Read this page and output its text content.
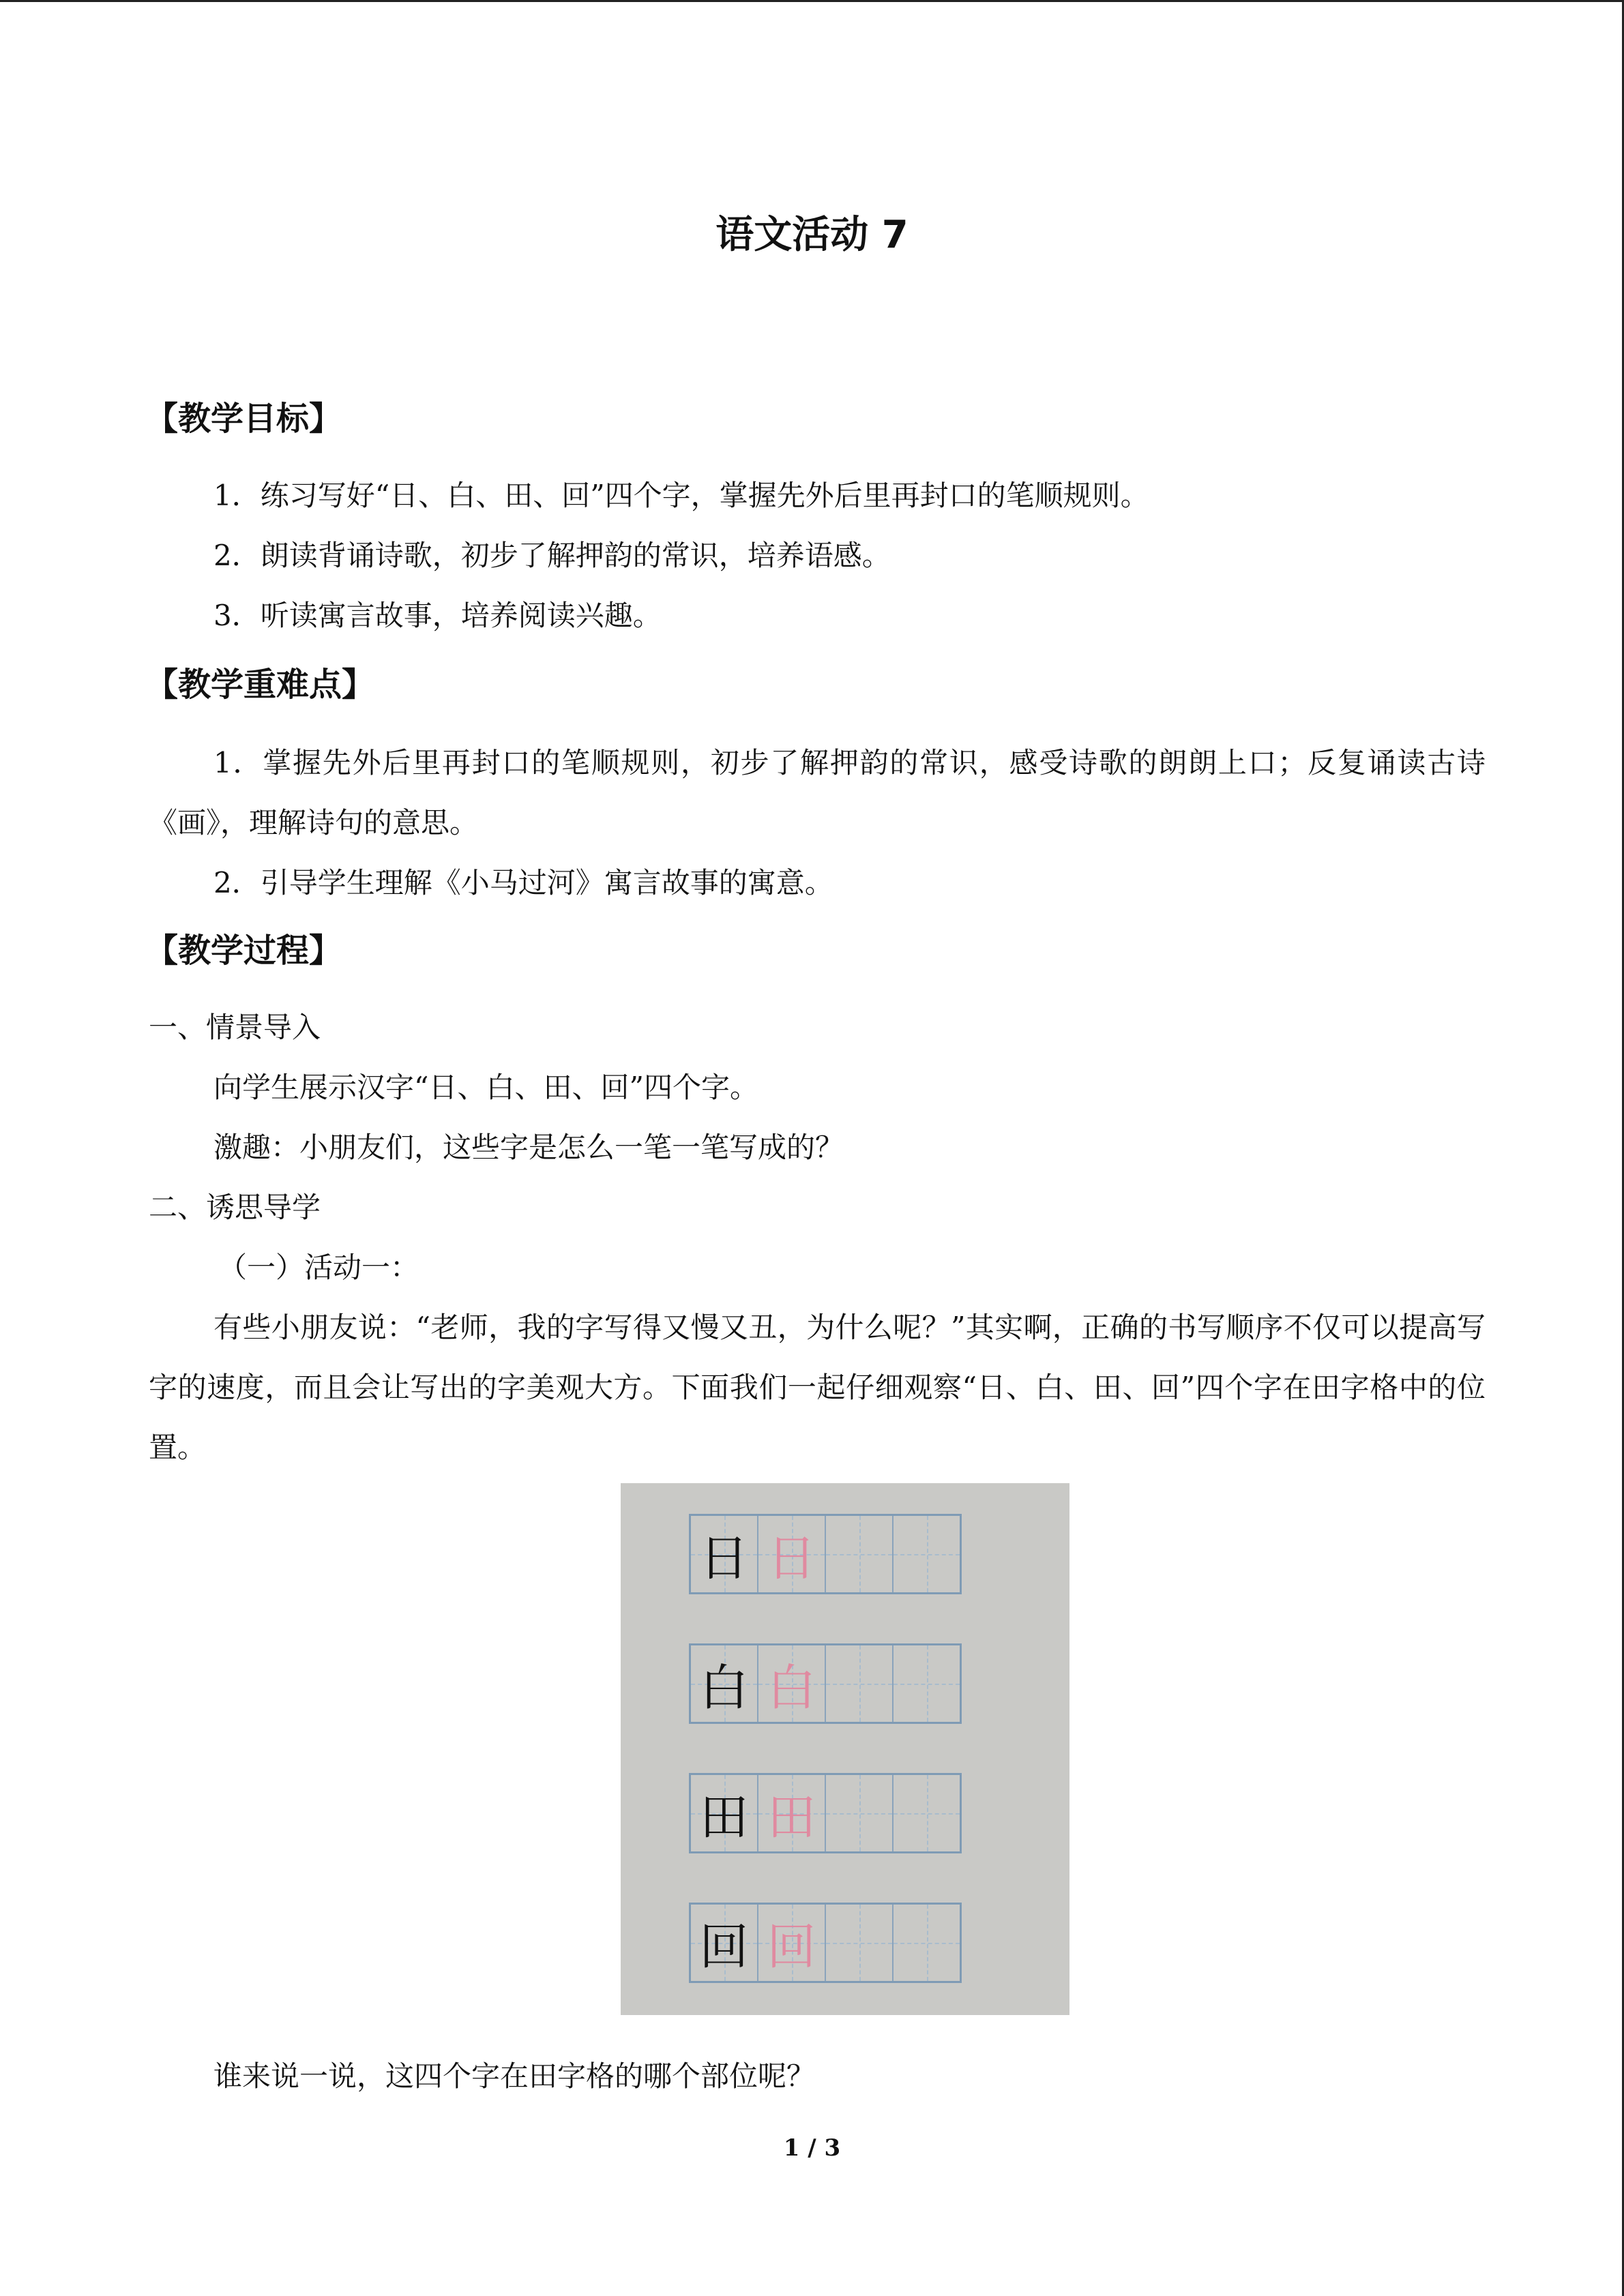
语文活动 7
【教学目标】
1．练习写好“日、白、田、回”四个字，掌握先外后里再封口的笔顺规则。
2．朗读背诵诗歌，初步了解押韵的常识，培养语感。
3．听读寓言故事，培养阅读兴趣。
【教学重难点】
1．掌握先外后里再封口的笔顺规则，初步了解押韵的常识，感受诗歌的朗朗上口；反复诵读古诗《画》，理解诗句的意思。
2．引导学生理解《小马过河》寓言故事的寓意。
【教学过程】
一、情景导入
向学生展示汉字“日、白、田、回”四个字。
激趣：小朋友们，这些字是怎么一笔一笔写成的？
二、诱思导学
（一）活动一：
有些小朋友说：“老师，我的字写得又慢又丑，为什么呢？”其实啊，正确的书写顺序不仅可以提高写字的速度，而且会让写出的字美观大方。下面我们一起仔细观察“日、白、田、回”四个字在田字格中的位置。
日 日
白 白
田 田
回 回
谁来说一说，这四个字在田字格的哪个部位呢？
1 / 3
